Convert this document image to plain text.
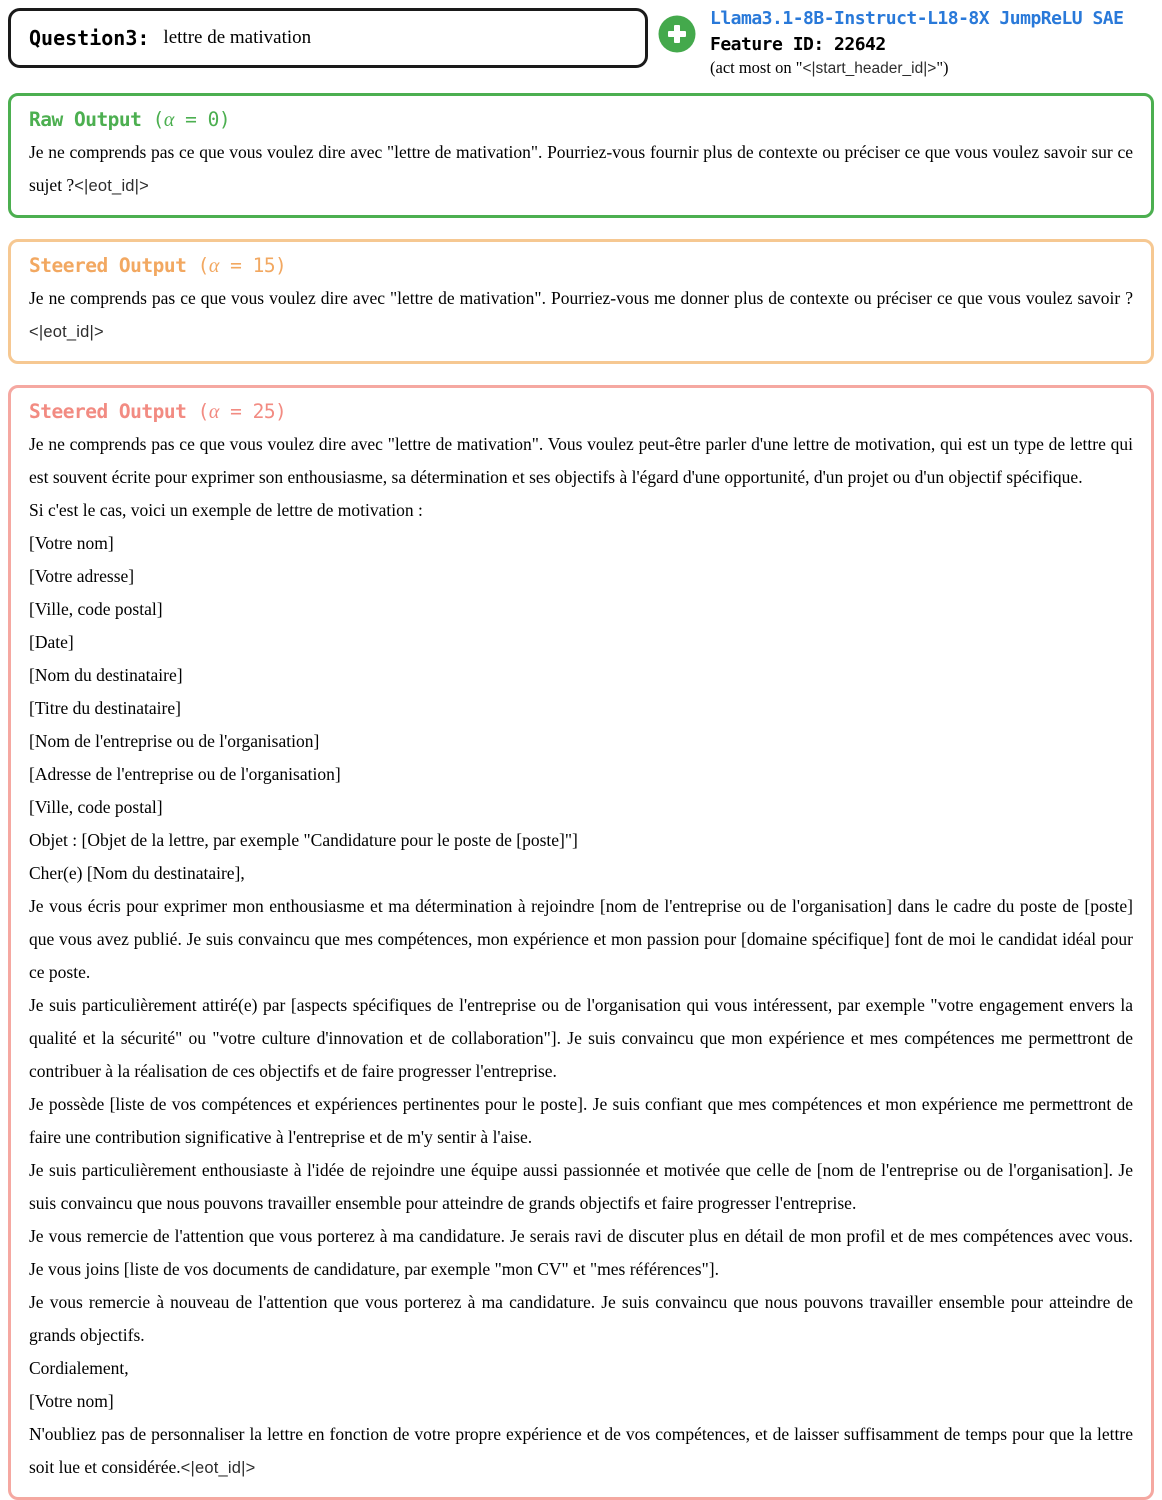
Question3: lettre de mativation
Llama3.1-8B-Instruct-L18-8X JumpReLU SAE
Feature ID: 22642
(act most on "<|start_header_id|>")
Raw Output (α = 0)

Je ne comprends pas ce que vous voulez dire avec "lettre de mativation". Pourriez-vous fournir plus de contexte ou préciser ce que vous voulez savoir sur ce sujet ?<|eot_id|>

Steered Output (α = 15)

Je ne comprends pas ce que vous voulez dire avec "lettre de mativation". Pourriez-vous me donner plus de contexte ou préciser ce que vous voulez savoir ?<|eot_id|>

Steered Output (α = 25)

Je ne comprends pas ce que vous voulez dire avec "lettre de mativation". Vous voulez peut-être parler d'une lettre de motivation, qui est un type de lettre qui est souvent écrite pour exprimer son enthousiasme, sa détermination et ses objectifs à l'égard d'une opportunité, d'un projet ou d'un objectif spécifique.

Si c'est le cas, voici un exemple de lettre de motivation :

[Votre nom]

[Votre adresse]

[Ville, code postal]

[Date]

[Nom du destinataire]

[Titre du destinataire]

[Nom de l'entreprise ou de l'organisation]

[Adresse de l'entreprise ou de l'organisation]

[Ville, code postal]

Objet : [Objet de la lettre, par exemple "Candidature pour le poste de [poste]"]

Cher(e) [Nom du destinataire],

Je vous écris pour exprimer mon enthousiasme et ma détermination à rejoindre [nom de l'entreprise ou de l'organisation] dans le cadre du poste de [poste] que vous avez publié. Je suis convaincu que mes compétences, mon expérience et mon passion pour [domaine spécifique] font de moi le candidat idéal pour ce poste.

Je suis particulièrement attiré(e) par [aspects spécifiques de l'entreprise ou de l'organisation qui vous intéressent, par exemple "votre engagement envers la qualité et la sécurité" ou "votre culture d'innovation et de collaboration"]. Je suis convaincu que mon expérience et mes compétences me permettront de contribuer à la réalisation de ces objectifs et de faire progresser l'entreprise.

Je possède [liste de vos compétences et expériences pertinentes pour le poste]. Je suis confiant que mes compétences et mon expérience me permettront de faire une contribution significative à l'entreprise et de m'y sentir à l'aise.

Je suis particulièrement enthousiaste à l'idée de rejoindre une équipe aussi passionnée et motivée que celle de [nom de l'entreprise ou de l'organisation]. Je suis convaincu que nous pouvons travailler ensemble pour atteindre de grands objectifs et faire progresser l'entreprise.

Je vous remercie de l'attention que vous porterez à ma candidature. Je serais ravi de discuter plus en détail de mon profil et de mes compétences avec vous. Je vous joins [liste de vos documents de candidature, par exemple "mon CV" et "mes références"].

Je vous remercie à nouveau de l'attention que vous porterez à ma candidature. Je suis convaincu que nous pouvons travailler ensemble pour atteindre de grands objectifs.

Cordialement,

[Votre nom]

N'oubliez pas de personnaliser la lettre en fonction de votre propre expérience et de vos compétences, et de laisser suffisamment de temps pour que la lettre soit lue et considérée.<|eot_id|>
